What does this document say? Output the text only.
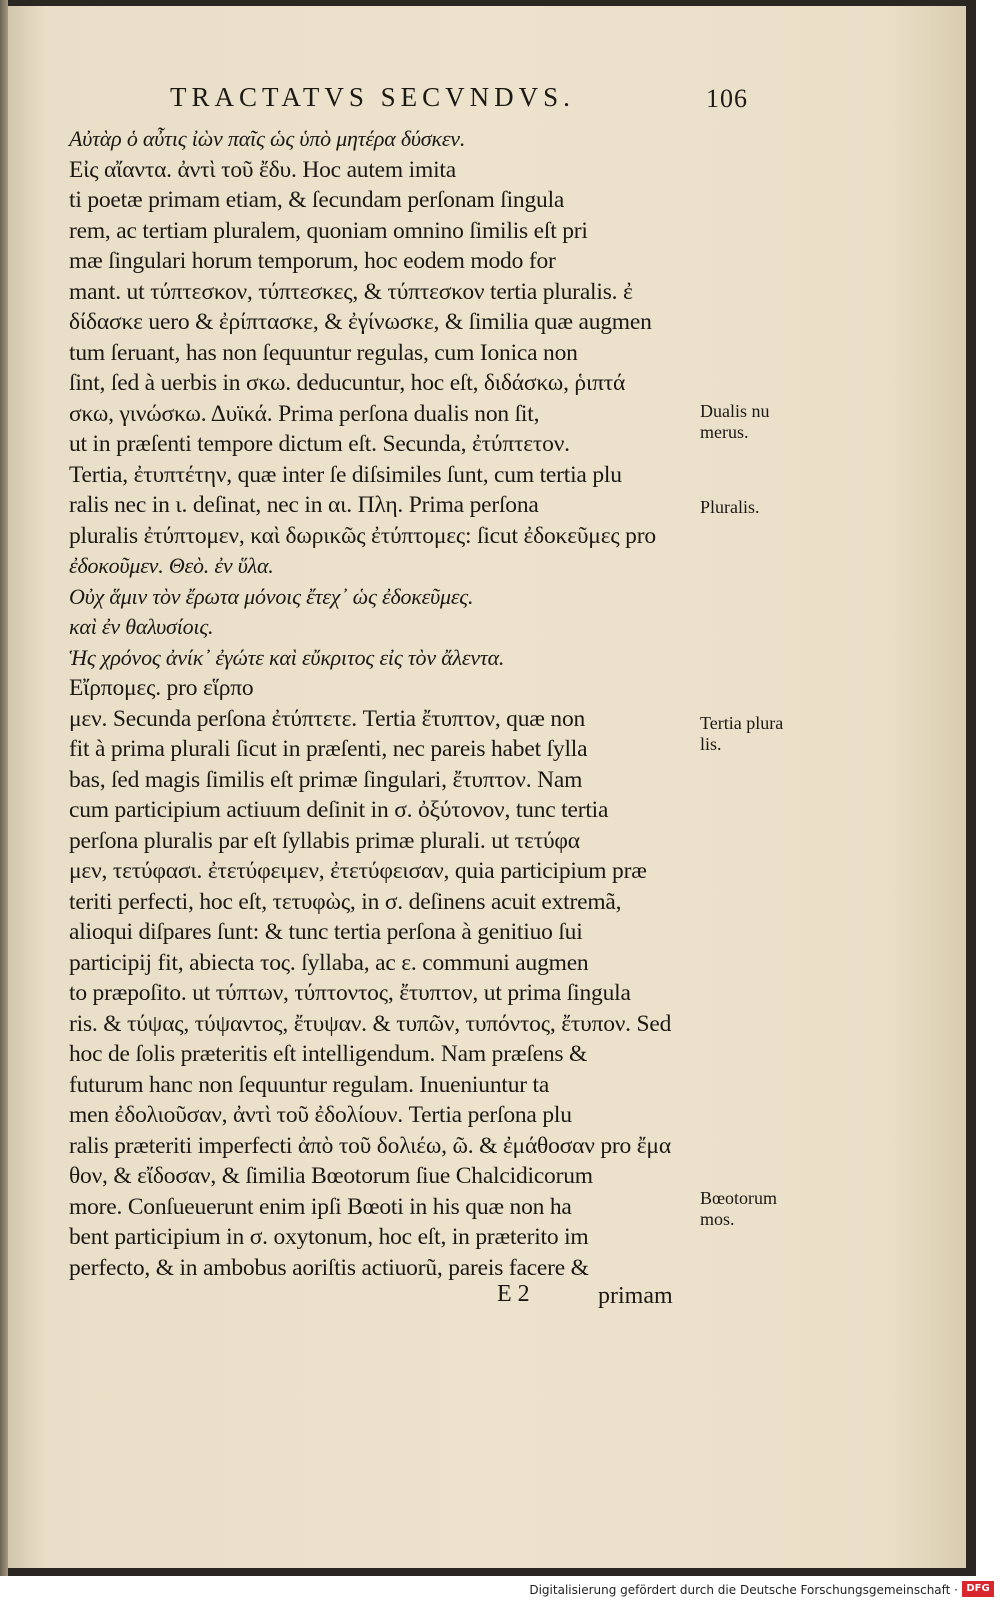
TRACTATVS SECVNDVS.	106
Αὐτὰρ ὁ αὖτις ἰὼν παῖς ὡς ὑπὸ μητέρα δύσκεν.
Εἰς αἴαντα. ἀντὶ τοῦ ἔδυ. Hoc autem imita
ti poetæ primam etiam, & ſecundam perſonam ſingula
rem, ac tertiam pluralem, quoniam omnino ſimilis eſt pri
mæ ſingulari horum temporum, hoc eodem modo for
mant. ut τύπτεσκον, τύπτεσκες, & τύπτεσκον tertia pluralis. ἐ
δίδασκε uero & ἐρίπτασκε, & ἐγίνωσκε, & ſimilia quæ augmen
tum ſeruant, has non ſequuntur regulas, cum Ionica non
ſint, ſed à uerbis in σκω. deducuntur, hoc eſt, διδάσκω, ῥιπτά
σκω, γινώσκω. Δυϊκά. Prima perſona dualis non ſit,
ut in præſenti tempore dictum eſt. Secunda, ἐτύπτετον.
Tertia, ἐτυπτέτην, quæ inter ſe diſsimiles ſunt, cum tertia plu
ralis nec in ι. deſinat, nec in αι. Πλη. Prima perſona
pluralis ἐτύπτομεν, καὶ δωρικῶς ἐτύπτομες: ſicut ἐδοκεῦμες pro
ἐδοκοῦμεν. Θεὸ. ἐν ὕλα.
Οὐχ ἅμιν τὸν ἔρωτα μόνοις ἔτεχ᾽ ὡς ἐδοκεῦμες.
καὶ ἐν θαλυσίοις.
Ἡς χρόνος ἀνίκ᾽ ἐγώτε καὶ εὔκριτος εἰς τὸν ἄλεντα.
Εἴρπομες. pro εἵρπο
μεν. Secunda perſona ἐτύπτετε. Tertia ἔτυπτον, quæ non
fit à prima plurali ſicut in præſenti, nec pareis habet ſylla
bas, ſed magis ſimilis eſt primæ ſingulari, ἔτυπτον. Nam
cum participium actiuum deſinit in σ. ὀξύτονον, tunc tertia
perſona pluralis par eſt ſyllabis primæ plurali. ut τετύφα
μεν, τετύφασι. ἐτετύφειμεν, ἐτετύφεισαν, quia participium præ
teriti perfecti, hoc eſt, τετυφὼς, in σ. deſinens acuit extremã,
alioqui diſpares ſunt: & tunc tertia perſona à genitiuo ſui
participij fit, abiecta τος. ſyllaba, ac ε. communi augmen
to præpoſito. ut τύπτων, τύπτοντος, ἔτυπτον, ut prima ſingula
ris. & τύψας, τύψαντος, ἔτυψαν. & τυπῶν, τυπόντος, ἔτυπον. Sed
hoc de ſolis præteritis eſt intelligendum. Nam præſens &
futurum hanc non ſequuntur regulam. Inueniuntur ta
men ἐδολιοῦσαν, ἀντὶ τοῦ ἐδολίουν. Tertia perſona plu
ralis præteriti imperfecti ἀπὸ τοῦ δολιέω, ῶ. & ἐμάθοσαν pro ἔμα
θον, & εἴδοσαν, & ſimilia Bœotorum ſiue Chalcidicorum
more. Conſueuerunt enim ipſi Bœoti in his quæ non ha
bent participium in σ. oxytonum, hoc eſt, in præterito im
perfecto, & in ambobus aoriſtis actiuorũ, pareis facere &
Dualis nu
merus.
Pluralis.
Tertia plura
lis.
Bœotorum
mos.
E 2	primam
Digitalisierung gefördert durch die Deutsche Forschungsgemeinschaft · DFG
